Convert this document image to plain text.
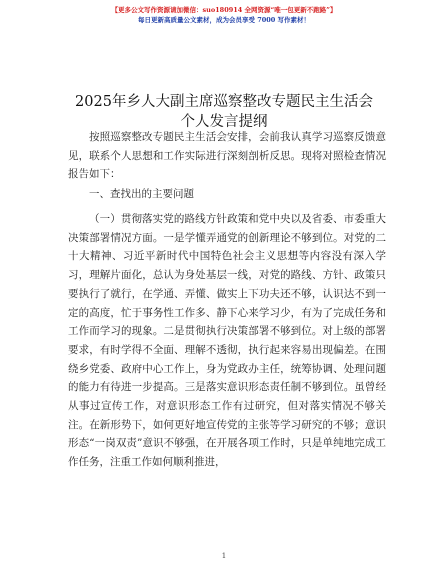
【更多公文写作资源请加微信：suo180914 全网资源“唯一包更新不跑路”】
每日更新高质量公文素材，成为会员享受 7000 写作素材！
2025年乡人大副主席巡察整改专题民主生活会
个人发言提纲
按照巡察整改专题民主生活会安排，会前我认真学习巡察反馈意见，联系个人思想和工作实际进行深刻剖析反思。现将对照检查情况报告如下：
一、查找出的主要问题
（一）贯彻落实党的路线方针政策和党中央以及省委、市委重大决策部署情况方面。一是学懂弄通党的创新理论不够到位。对党的二十大精神、习近平新时代中国特色社会主义思想等内容没有深入学习，理解片面化，总认为身处基层一线，对党的路线、方针、政策只要执行了就行，在学通、弄懂、做实上下功夫还不够，认识达不到一定的高度，忙于事务性工作多、静下心来学习少，有为了完成任务和工作而学习的现象。二是贯彻执行决策部署不够到位。对上级的部署要求，有时学得不全面、理解不透彻，执行起来容易出现偏差。在围绕乡党委、政府中心工作上，身为党政办主任，统筹协调、处理问题的能力有待进一步提高。三是落实意识形态责任制不够到位。虽曾经从事过宣传工作，对意识形态工作有过研究，但对落实情况不够关注。在新形势下，如何更好地宣传党的主张等学习研究的不够；意识形态“一岗双责”意识不够强，在开展各项工作时，只是单纯地完成工作任务，注重工作如何顺利推进，
1
